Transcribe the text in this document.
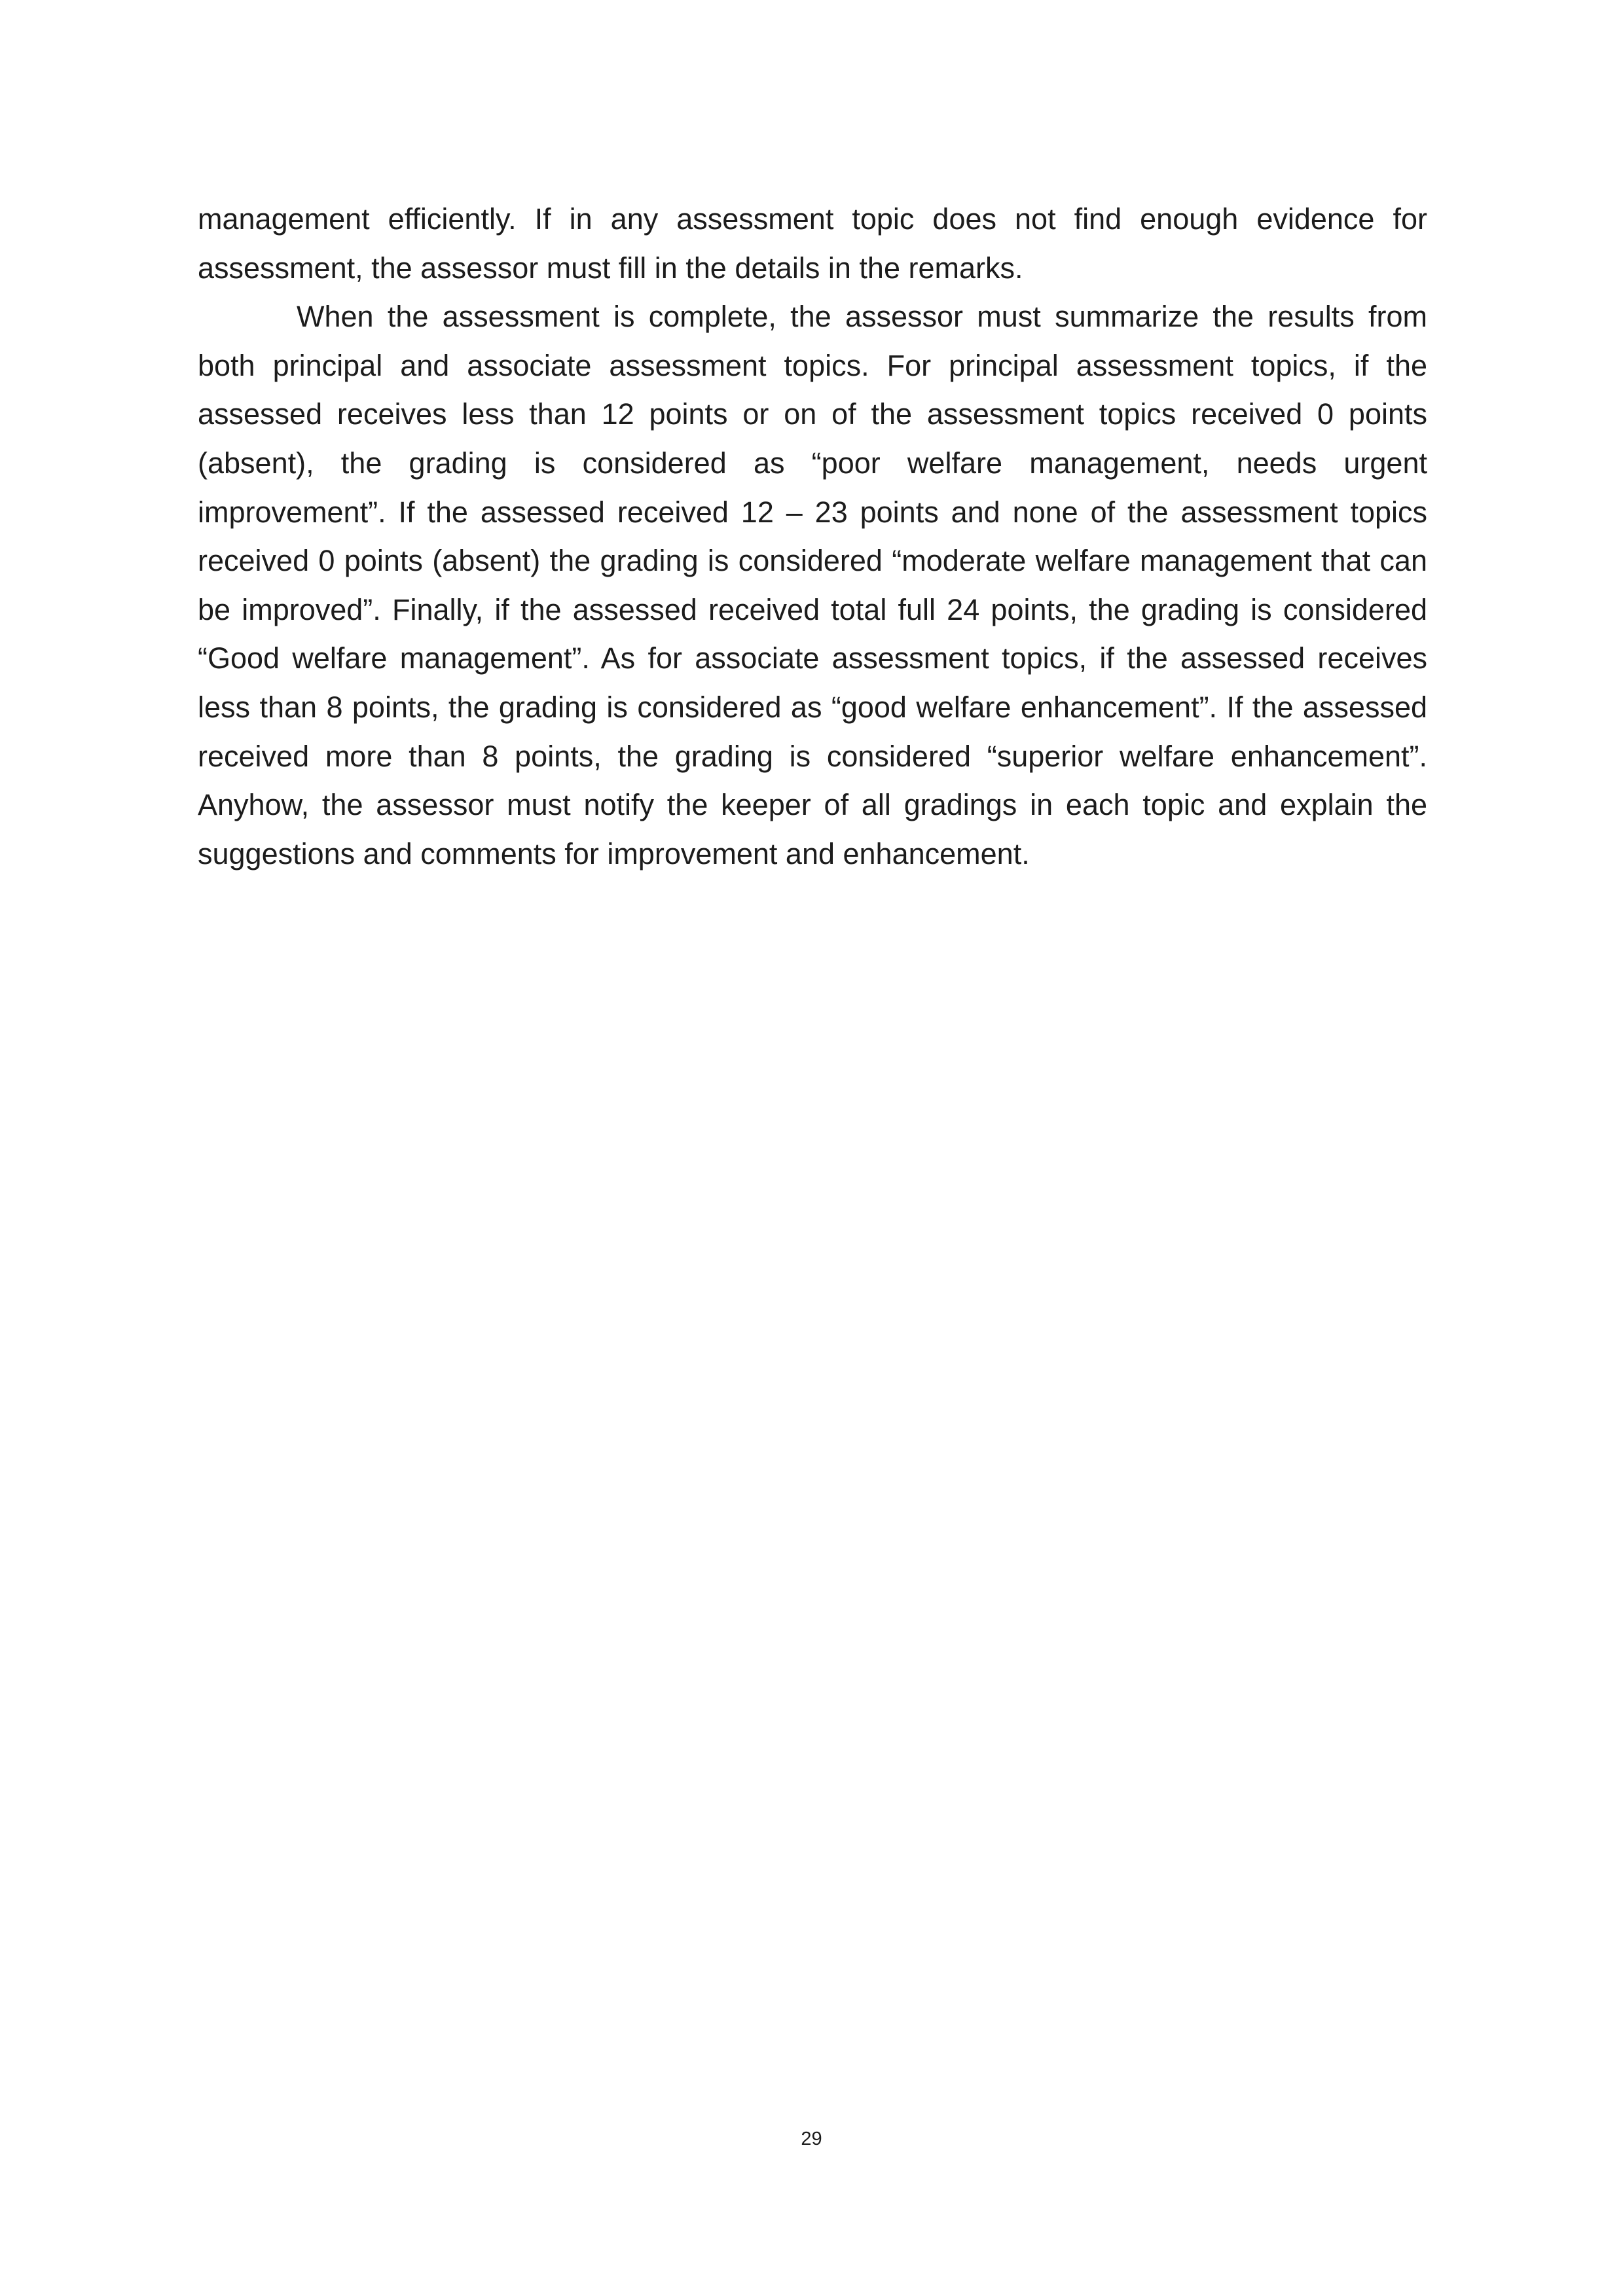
management efficiently. If in any assessment topic does not find enough evidence for assessment, the assessor must fill in the details in the remarks.

When the assessment is complete, the assessor must summarize the results from both principal and associate assessment topics. For principal assessment topics, if the assessed receives less than 12 points or on of the assessment topics received 0 points (absent), the grading is considered as “poor welfare management, needs urgent improvement”. If the assessed received 12 – 23 points and none of the assessment topics received 0 points (absent) the grading is considered “moderate welfare management that can be improved”. Finally, if the assessed received total full 24 points, the grading is considered “Good welfare management”. As for associate assessment topics, if the assessed receives less than 8 points, the grading is considered as “good welfare enhancement”. If the assessed received more than 8 points, the grading is considered “superior welfare enhancement”. Anyhow, the assessor must notify the keeper of all gradings in each topic and explain the suggestions and comments for improvement and enhancement.

29
